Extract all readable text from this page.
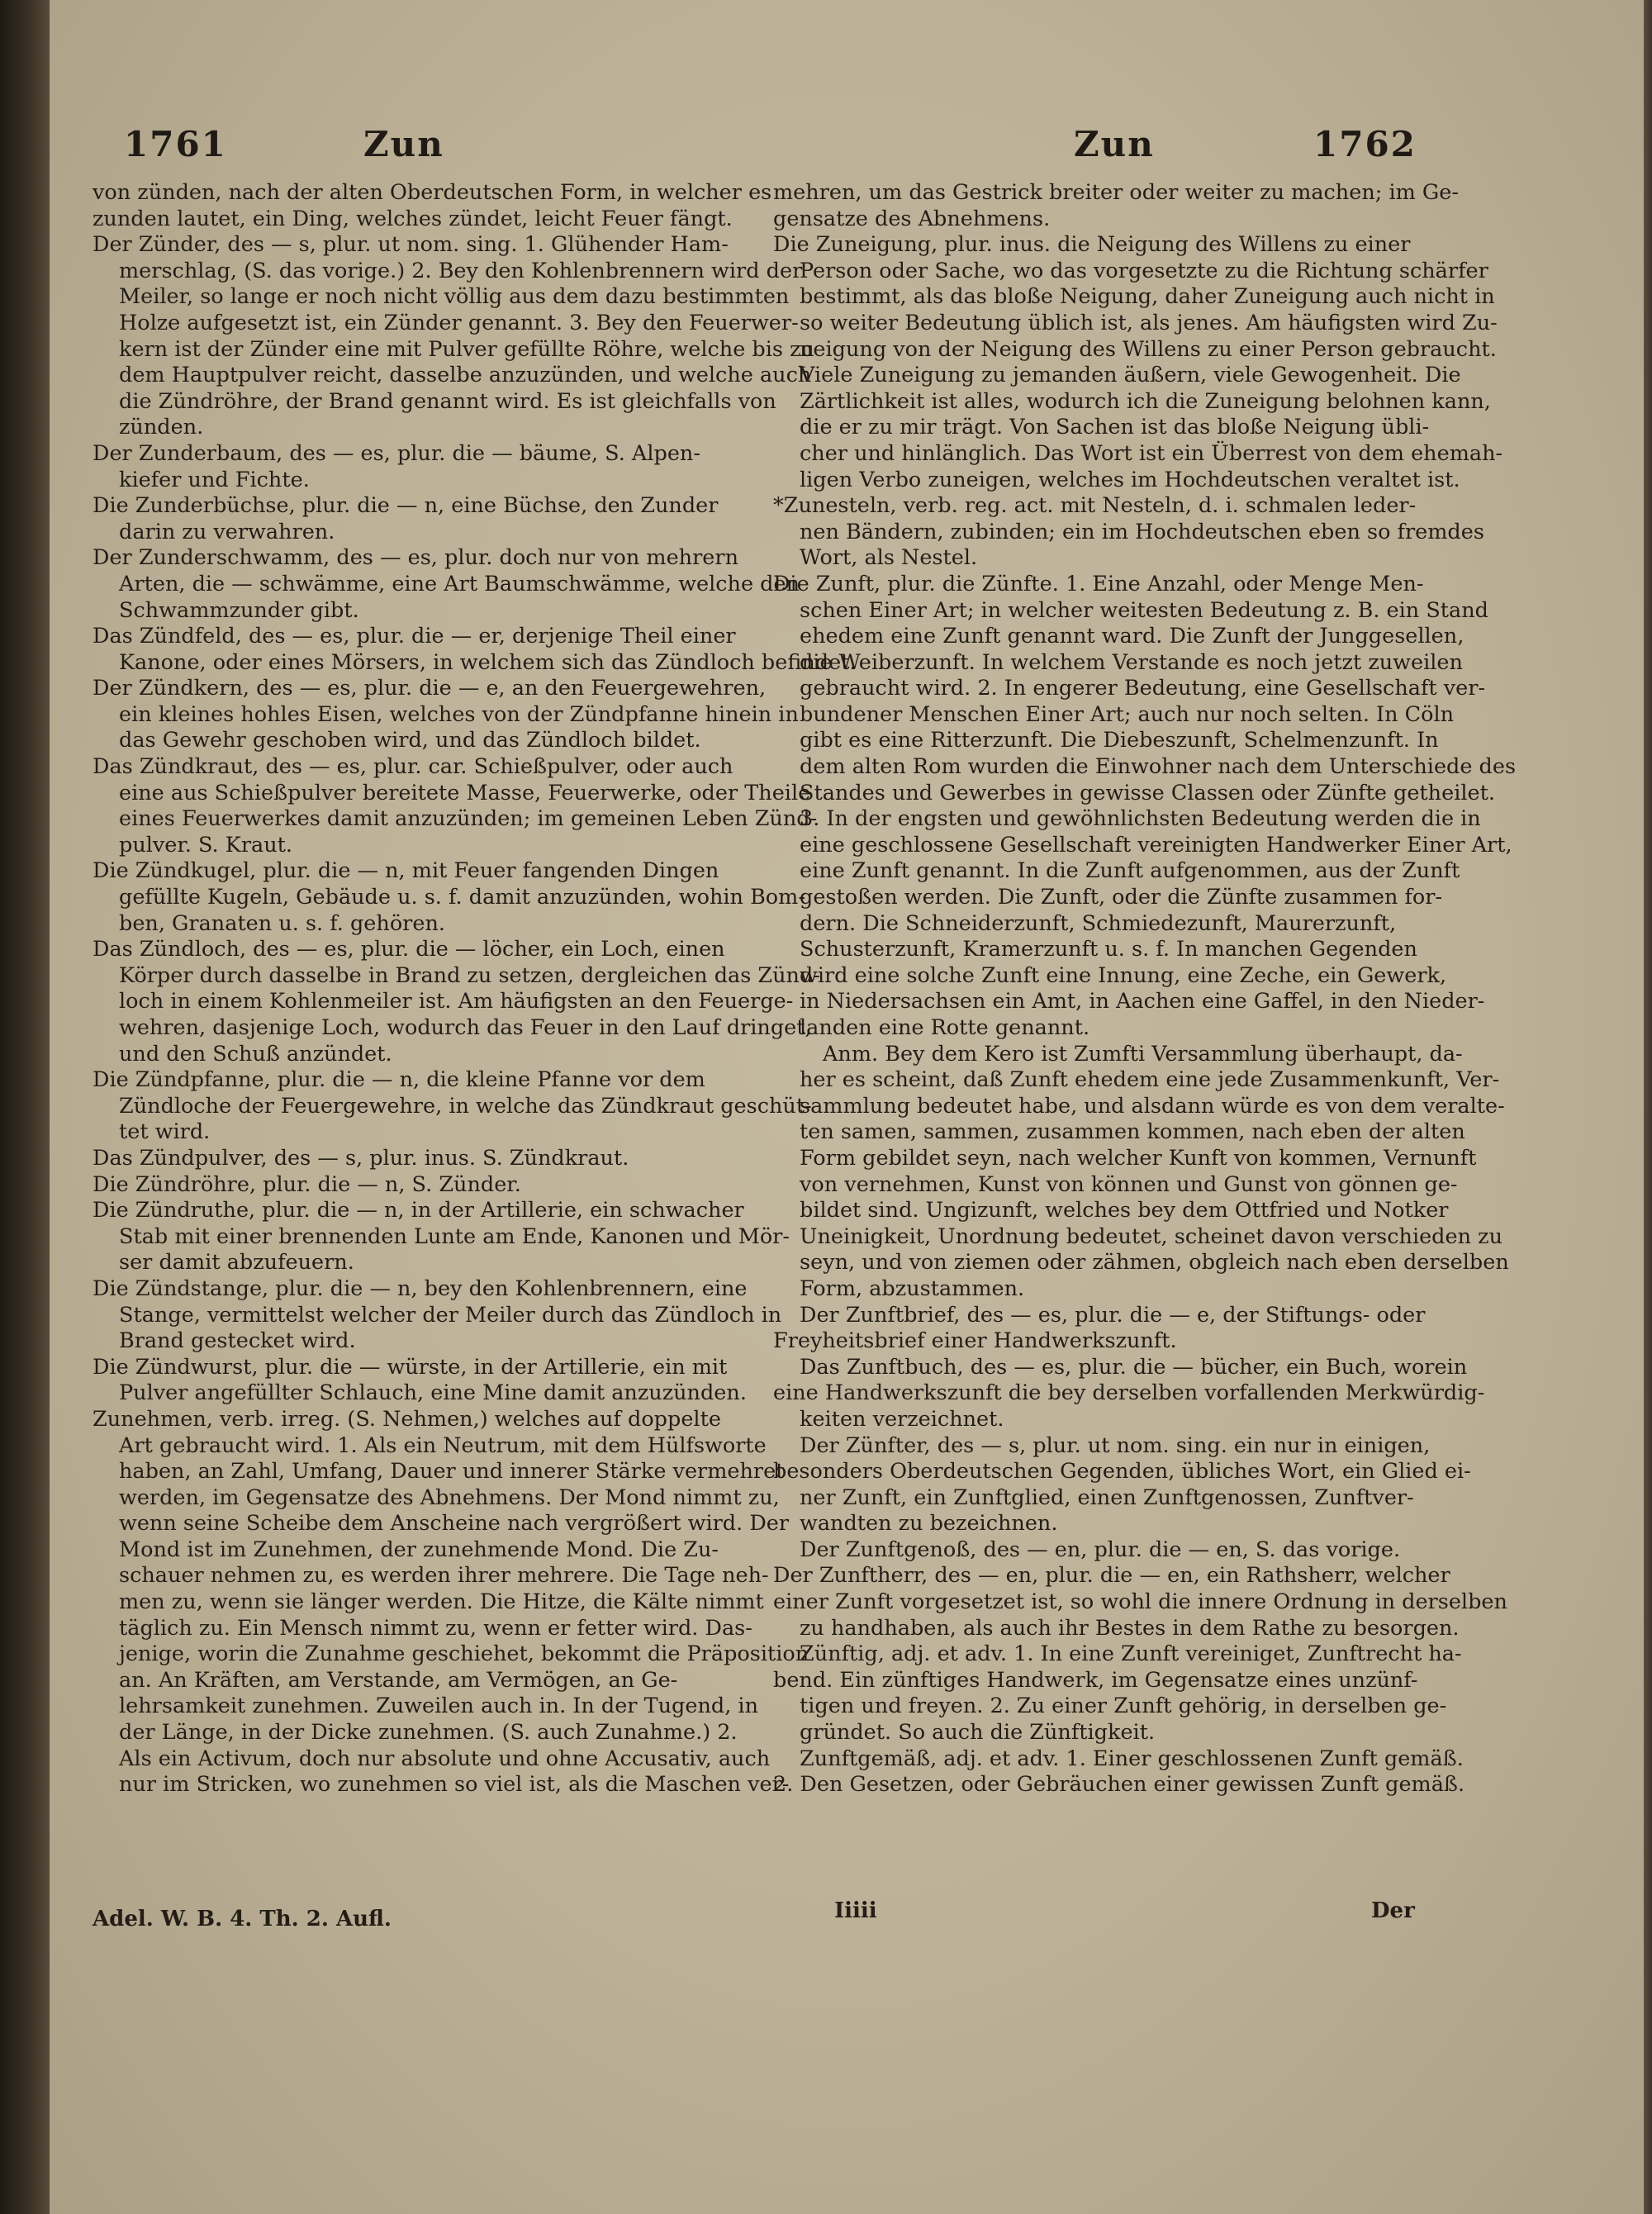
1761	Zun	Zun	1762
von zünden, nach der alten Oberdeutschen Form, in welcher es
zunden lautet, ein Ding, welches zündet, leicht Feuer fängt.
Der Zünder, des — s, plur. ut nom. sing. 1. Glühender Ham-
merschlag, (S. das vorige.) 2. Bey den Kohlenbrennern wird der
Meiler, so lange er noch nicht völlig aus dem dazu bestimmten
Holze aufgesetzt ist, ein Zünder genannt. 3. Bey den Feuerwer-
kern ist der Zünder eine mit Pulver gefüllte Röhre, welche bis zu
dem Hauptpulver reicht, dasselbe anzuzünden, und welche auch
die Zündröhre, der Brand genannt wird. Es ist gleichfalls von
zünden.
Der Zunderbaum, des — es, plur. die — bäume, S. Alpen-
kiefer und Fichte.
Die Zunderbüchse, plur. die — n, eine Büchse, den Zunder
darin zu verwahren.
Der Zunderschwamm, des — es, plur. doch nur von mehrern
Arten, die — schwämme, eine Art Baumschwämme, welche den
Schwammzunder gibt.
Das Zündfeld, des — es, plur. die — er, derjenige Theil einer
Kanone, oder eines Mörsers, in welchem sich das Zündloch befindet.
Der Zündkern, des — es, plur. die — e, an den Feuergewehren,
ein kleines hohles Eisen, welches von der Zündpfanne hinein in
das Gewehr geschoben wird, und das Zündloch bildet.
Das Zündkraut, des — es, plur. car. Schießpulver, oder auch
eine aus Schießpulver bereitete Masse, Feuerwerke, oder Theile
eines Feuerwerkes damit anzuzünden; im gemeinen Leben Zünd-
pulver. S. Kraut.
Die Zündkugel, plur. die — n, mit Feuer fangenden Dingen
gefüllte Kugeln, Gebäude u. s. f. damit anzuzünden, wohin Bom-
ben, Granaten u. s. f. gehören.
Das Zündloch, des — es, plur. die — löcher, ein Loch, einen
Körper durch dasselbe in Brand zu setzen, dergleichen das Zünd-
loch in einem Kohlenmeiler ist. Am häufigsten an den Feuerge-
wehren, dasjenige Loch, wodurch das Feuer in den Lauf dringet,
und den Schuß anzündet.
Die Zündpfanne, plur. die — n, die kleine Pfanne vor dem
Zündloche der Feuergewehre, in welche das Zündkraut geschüt-
tet wird.
Das Zündpulver, des — s, plur. inus. S. Zündkraut.
Die Zündröhre, plur. die — n, S. Zünder.
Die Zündruthe, plur. die — n, in der Artillerie, ein schwacher
Stab mit einer brennenden Lunte am Ende, Kanonen und Mör-
ser damit abzufeuern.
Die Zündstange, plur. die — n, bey den Kohlenbrennern, eine
Stange, vermittelst welcher der Meiler durch das Zündloch in
Brand gestecket wird.
Die Zündwurst, plur. die — würste, in der Artillerie, ein mit
Pulver angefüllter Schlauch, eine Mine damit anzuzünden.
Zunehmen, verb. irreg. (S. Nehmen,) welches auf doppelte
Art gebraucht wird. 1. Als ein Neutrum, mit dem Hülfsworte
haben, an Zahl, Umfang, Dauer und innerer Stärke vermehret
werden, im Gegensatze des Abnehmens. Der Mond nimmt zu,
wenn seine Scheibe dem Anscheine nach vergrößert wird. Der
Mond ist im Zunehmen, der zunehmende Mond. Die Zu-
schauer nehmen zu, es werden ihrer mehrere. Die Tage neh-
men zu, wenn sie länger werden. Die Hitze, die Kälte nimmt
täglich zu. Ein Mensch nimmt zu, wenn er fetter wird. Das-
jenige, worin die Zunahme geschiehet, bekommt die Präposition
an. An Kräften, am Verstande, am Vermögen, an Ge-
lehrsamkeit zunehmen. Zuweilen auch in. In der Tugend, in
der Länge, in der Dicke zunehmen. (S. auch Zunahme.) 2.
Als ein Activum, doch nur absolute und ohne Accusativ, auch
nur im Stricken, wo zunehmen so viel ist, als die Maschen ver-
mehren, um das Gestrick breiter oder weiter zu machen; im Ge-
gensatze des Abnehmens.
Die Zuneigung, plur. inus. die Neigung des Willens zu einer
Person oder Sache, wo das vorgesetzte zu die Richtung schärfer
bestimmt, als das bloße Neigung, daher Zuneigung auch nicht in
so weiter Bedeutung üblich ist, als jenes. Am häufigsten wird Zu-
neigung von der Neigung des Willens zu einer Person gebraucht.
Viele Zuneigung zu jemanden äußern, viele Gewogenheit. Die
Zärtlichkeit ist alles, wodurch ich die Zuneigung belohnen kann,
die er zu mir trägt. Von Sachen ist das bloße Neigung übli-
cher und hinlänglich. Das Wort ist ein Überrest von dem ehemah-
ligen Verbo zuneigen, welches im Hochdeutschen veraltet ist.
*Zunesteln, verb. reg. act. mit Nesteln, d. i. schmalen leder-
nen Bändern, zubinden; ein im Hochdeutschen eben so fremdes
Wort, als Nestel.
Die Zunft, plur. die Zünfte. 1. Eine Anzahl, oder Menge Men-
schen Einer Art; in welcher weitesten Bedeutung z. B. ein Stand
ehedem eine Zunft genannt ward. Die Zunft der Junggesellen,
die Weiberzunft. In welchem Verstande es noch jetzt zuweilen
gebraucht wird. 2. In engerer Bedeutung, eine Gesellschaft ver-
bundener Menschen Einer Art; auch nur noch selten. In Cöln
gibt es eine Ritterzunft. Die Diebeszunft, Schelmenzunft. In
dem alten Rom wurden die Einwohner nach dem Unterschiede des
Standes und Gewerbes in gewisse Classen oder Zünfte getheilet.
3. In der engsten und gewöhnlichsten Bedeutung werden die in
eine geschlossene Gesellschaft vereinigten Handwerker Einer Art,
eine Zunft genannt. In die Zunft aufgenommen, aus der Zunft
gestoßen werden. Die Zunft, oder die Zünfte zusammen for-
dern. Die Schneiderzunft, Schmiedezunft, Maurerzunft,
Schusterzunft, Kramerzunft u. s. f. In manchen Gegenden
wird eine solche Zunft eine Innung, eine Zeche, ein Gewerk,
in Niedersachsen ein Amt, in Aachen eine Gaffel, in den Nieder-
landen eine Rotte genannt.
Anm. Bey dem Kero ist Zumfti Versammlung überhaupt, da-
her es scheint, daß Zunft ehedem eine jede Zusammenkunft, Ver-
sammlung bedeutet habe, und alsdann würde es von dem veralte-
ten samen, sammen, zusammen kommen, nach eben der alten
Form gebildet seyn, nach welcher Kunft von kommen, Vernunft
von vernehmen, Kunst von können und Gunst von gönnen ge-
bildet sind. Ungizunft, welches bey dem Ottfried und Notker
Uneinigkeit, Unordnung bedeutet, scheinet davon verschieden zu
seyn, und von ziemen oder zähmen, obgleich nach eben derselben
Form, abzustammen.
Der Zunftbrief, des — es, plur. die — e, der Stiftungs- oder
Freyheitsbrief einer Handwerkszunft.
Das Zunftbuch, des — es, plur. die — bücher, ein Buch, worein
eine Handwerkszunft die bey derselben vorfallenden Merkwürdig-
keiten verzeichnet.
Der Zünfter, des — s, plur. ut nom. sing. ein nur in einigen,
besonders Oberdeutschen Gegenden, übliches Wort, ein Glied ei-
ner Zunft, ein Zunftglied, einen Zunftgenossen, Zunftver-
wandten zu bezeichnen.
Der Zunftgenoß, des — en, plur. die — en, S. das vorige.
Der Zunftherr, des — en, plur. die — en, ein Rathsherr, welcher
einer Zunft vorgesetzet ist, so wohl die innere Ordnung in derselben
zu handhaben, als auch ihr Bestes in dem Rathe zu besorgen.
Zünftig, adj. et adv. 1. In eine Zunft vereiniget, Zunftrecht ha-
bend. Ein zünftiges Handwerk, im Gegensatze eines unzünf-
tigen und freyen. 2. Zu einer Zunft gehörig, in derselben ge-
gründet. So auch die Zünftigkeit.
Zunftgemäß, adj. et adv. 1. Einer geschlossenen Zunft gemäß.
2. Den Gesetzen, oder Gebräuchen einer gewissen Zunft gemäß.
Adel. W. B. 4. Th. 2. Aufl.	Iiiii	Der
